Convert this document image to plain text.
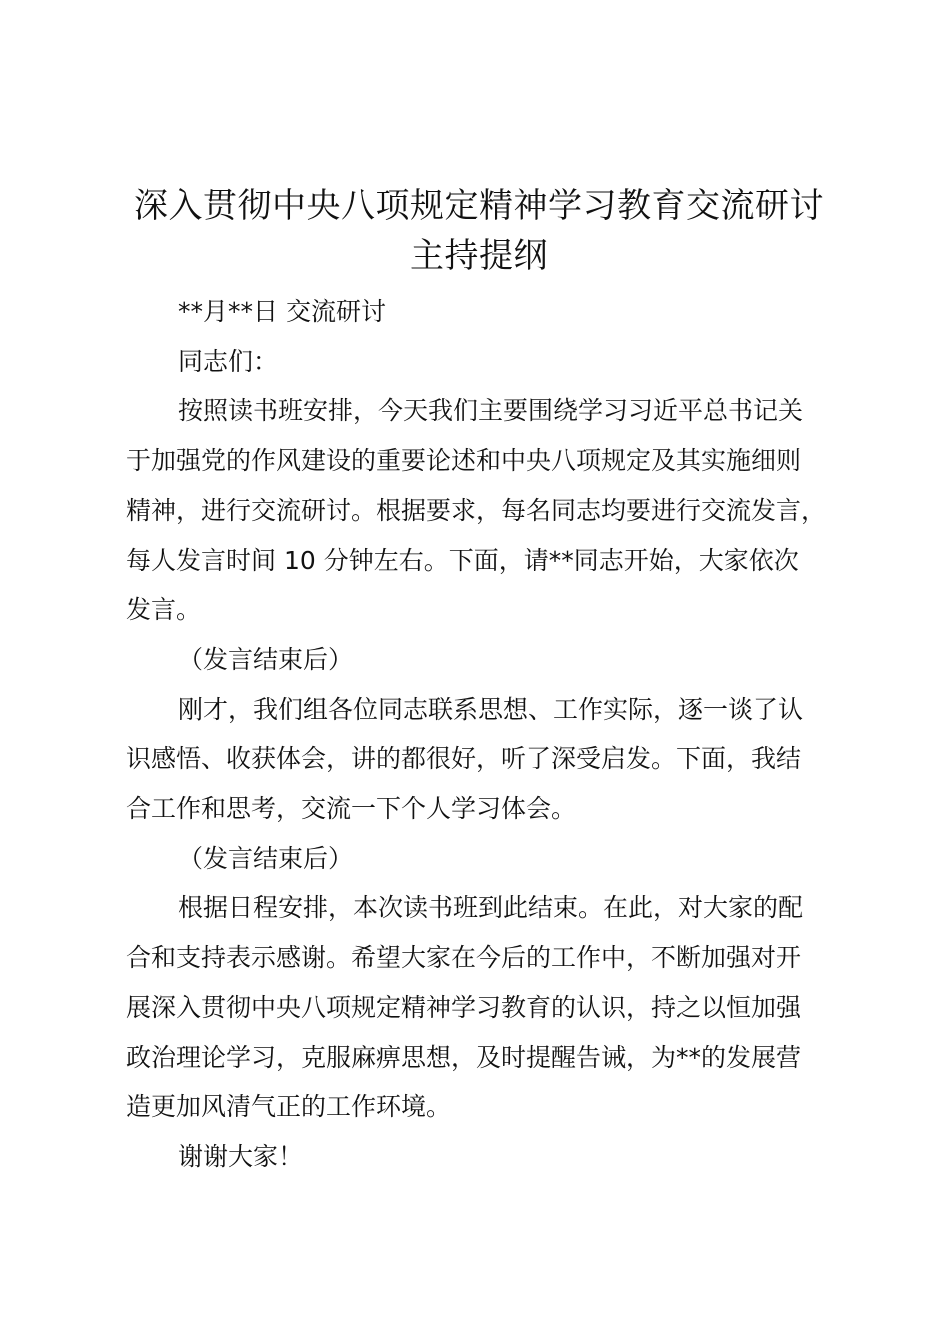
深入贯彻中央八项规定精神学习教育交流研讨
主持提纲

**月**日 交流研讨

同志们：

按照读书班安排，今天我们主要围绕学习习近平总书记关
于加强党的作风建设的重要论述和中央八项规定及其实施细则
精神，进行交流研讨。根据要求，每名同志均要进行交流发言，
每人发言时间 10 分钟左右。下面，请**同志开始，大家依次
发言。

（发言结束后）

刚才，我们组各位同志联系思想、工作实际，逐一谈了认
识感悟、收获体会，讲的都很好，听了深受启发。下面，我结
合工作和思考，交流一下个人学习体会。

（发言结束后）

根据日程安排，本次读书班到此结束。在此，对大家的配
合和支持表示感谢。希望大家在今后的工作中，不断加强对开
展深入贯彻中央八项规定精神学习教育的认识，持之以恒加强
政治理论学习，克服麻痹思想，及时提醒告诫，为**的发展营
造更加风清气正的工作环境。

谢谢大家！
